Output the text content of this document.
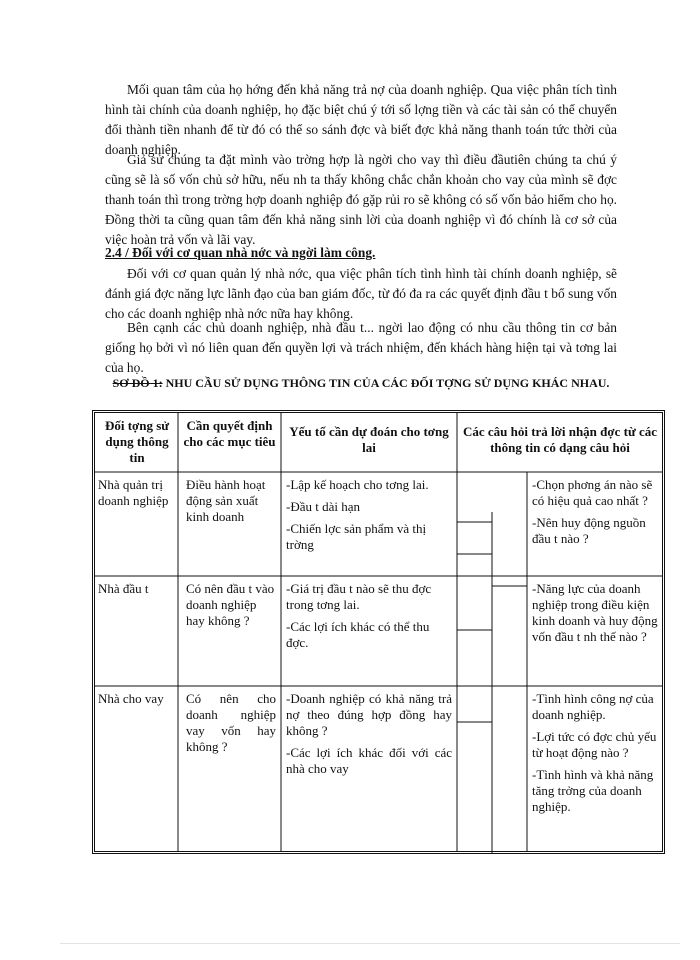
Mối quan tâm của họ hớng đến khả năng trả nợ của doanh nghiệp. Qua việc phân tích tình hình tài chính của doanh nghiệp, họ đặc biệt chú ý tới số lợng tiền và các tài sản có thể chuyển đổi thành tiền nhanh để từ đó có thể so sánh đợc và biết đợc khả năng thanh toán tức thời của doanh nghiệp.

Giả sử chúng ta đặt mình vào trờng hợp là ngời cho vay thì điều đầutiên chúng ta chú ý cũng sẽ là số vốn chủ sở hữu, nếu nh ta thấy không chắc chắn khoản cho vay của mình sẽ đợc thanh toán thì trong trờng hợp doanh nghiệp đó gặp rủi ro sẽ không có số vốn bảo hiểm cho họ. Đồng thời ta cũng quan tâm đến khả năng sinh lời của doanh nghiệp vì đó chính là cơ sở của việc hoàn trả vốn và lãi vay.

2.4 / Đối với cơ quan nhà nớc và ngời làm công.

Đối với cơ quan quản lý nhà nớc, qua việc phân tích tình hình tài chính doanh nghiệp, sẽ đánh giá đợc năng lực lãnh đạo của ban giám đốc, từ đó đa ra các quyết định đầu t bổ sung vốn cho các doanh nghiệp nhà nớc nữa hay không.

Bên cạnh các chủ doanh nghiệp, nhà đầu t... ngời lao động có nhu cầu thông tin cơ bản giống họ bởi vì nó liên quan đến quyền lợi và trách nhiệm, đến khách hàng hiện tại và tơng lai của họ.

SƠ ĐỒ 1: NHU CẦU SỬ DỤNG THÔNG TIN CỦA CÁC ĐỐI TỢNG SỬ DỤNG KHÁC NHAU.

Đối tợng sử dụng thông tin
Cần quyết định cho các mục tiêu
Yếu tố cần dự đoán cho tơng lai
Các câu hỏi trả lời nhận đợc từ các thông tin có dạng câu hỏi
Nhà quản trị doanh nghiệp
Điều hành hoạt động sản xuất kinh doanh

-Lập kế hoạch cho tơng lai.

-Đầu t dài hạn

-Chiến lợc sản phẩm và thị trờng

-Chọn phơng án nào sẽ có hiệu quả cao nhất ?

-Nên huy động nguồn đầu t nào ?

Nhà đầu t	Có nên đầu t vào doanh nghiệp hay không ?

-Giá trị đầu t nào sẽ thu đợc trong tơng lai.

-Các lợi ích khác có thể thu đợc.

-Năng lực của doanh nghiệp trong điều kiện kinh doanh và huy động vốn đầu t nh thế nào ?

Nhà cho vay	Có nên cho doanh nghiệp vay vốn hay không ?

-Doanh nghiệp có khả năng trả nợ theo đúng hợp đồng hay không ?

-Các lợi ích khác đối với các nhà cho vay

-Tình hình công nợ của doanh nghiệp.

-Lợi tức có đợc chủ yếu từ hoạt động nào ?

-Tình hình và khả năng tăng trởng của doanh nghiệp.
